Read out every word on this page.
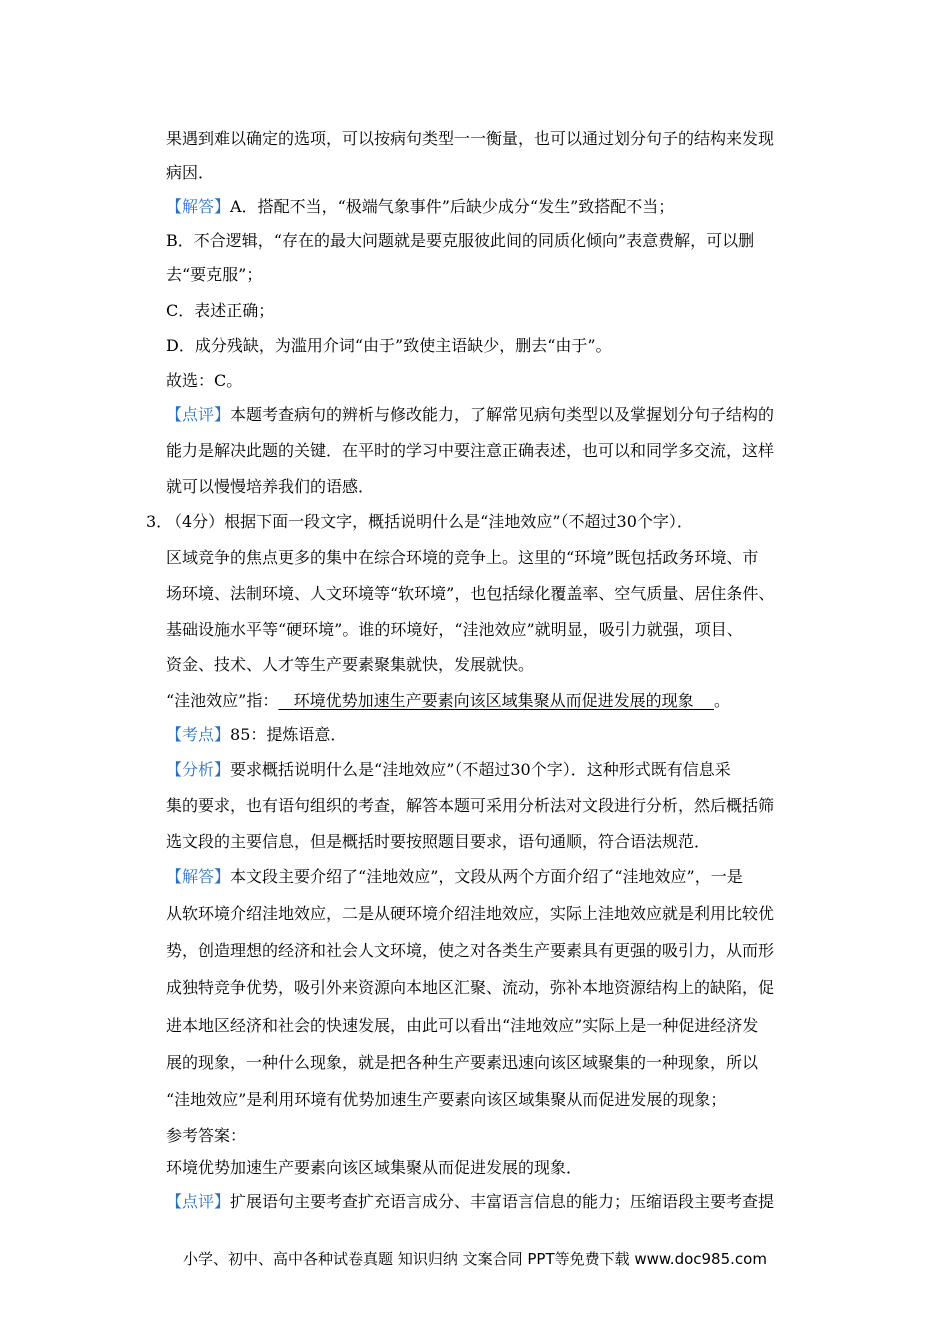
果遇到难以确定的选项，可以按病句类型一一衡量，也可以通过划分句子的结构来发现
病因．
【解答】A．搭配不当，“极端气象事件”后缺少成分“发生”致搭配不当；
B．不合逻辑，“存在的最大问题就是要克服彼此间的同质化倾向”表意费解，可以删
去“要克服”；
C．表述正确；
D．成分残缺，为滥用介词“由于”致使主语缺少，删去“由于”。
故选：C。
【点评】本题考查病句的辨析与修改能力，了解常见病句类型以及掌握划分句子结构的
能力是解决此题的关键．在平时的学习中要注意正确表述，也可以和同学多交流，这样
就可以慢慢培养我们的语感．
3．
（4分）根据下面一段文字，概括说明什么是“洼地效应”（不超过30个字）．
区域竞争的焦点更多的集中在综合环境的竞争上。这里的“环境”既包括政务环境、市
场环境、法制环境、人文环境等“软环境”，也包括绿化覆盖率、空气质量、居住条件、
基础设施水平等“硬环境”。谁的环境好，“洼池效应”就明显，吸引力就强，项目、
资金、技术、人才等生产要素聚集就快，发展就快。
“洼池效应”指： 环境优势加速生产要素向该区域集聚从而促进发展的现象 。
【考点】85：提炼语意．
【分析】要求概括说明什么是“洼地效应”（不超过30个字）．这种形式既有信息采
集的要求，也有语句组织的考查，解答本题可采用分析法对文段进行分析，然后概括筛
选文段的主要信息，但是概括时要按照题目要求，语句通顺，符合语法规范．
【解答】本文段主要介绍了“洼地效应”，文段从两个方面介绍了“洼地效应”，一是
从软环境介绍洼地效应，二是从硬环境介绍洼地效应，实际上洼地效应就是利用比较优
势，创造理想的经济和社会人文环境，使之对各类生产要素具有更强的吸引力，从而形
成独特竞争优势，吸引外来资源向本地区汇聚、流动，弥补本地资源结构上的缺陷，促
进本地区经济和社会的快速发展，由此可以看出“洼地效应”实际上是一种促进经济发
展的现象，一种什么现象，就是把各种生产要素迅速向该区域聚集的一种现象，所以
“洼地效应”是利用环境有优势加速生产要素向该区域集聚从而促进发展的现象；
参考答案：
环境优势加速生产要素向该区域集聚从而促进发展的现象．
【点评】扩展语句主要考查扩充语言成分、丰富语言信息的能力；压缩语段主要考查提
小学、初中、高中各种试卷真题 知识归纳 文案合同 PPT等免费下载 www.doc985.com
